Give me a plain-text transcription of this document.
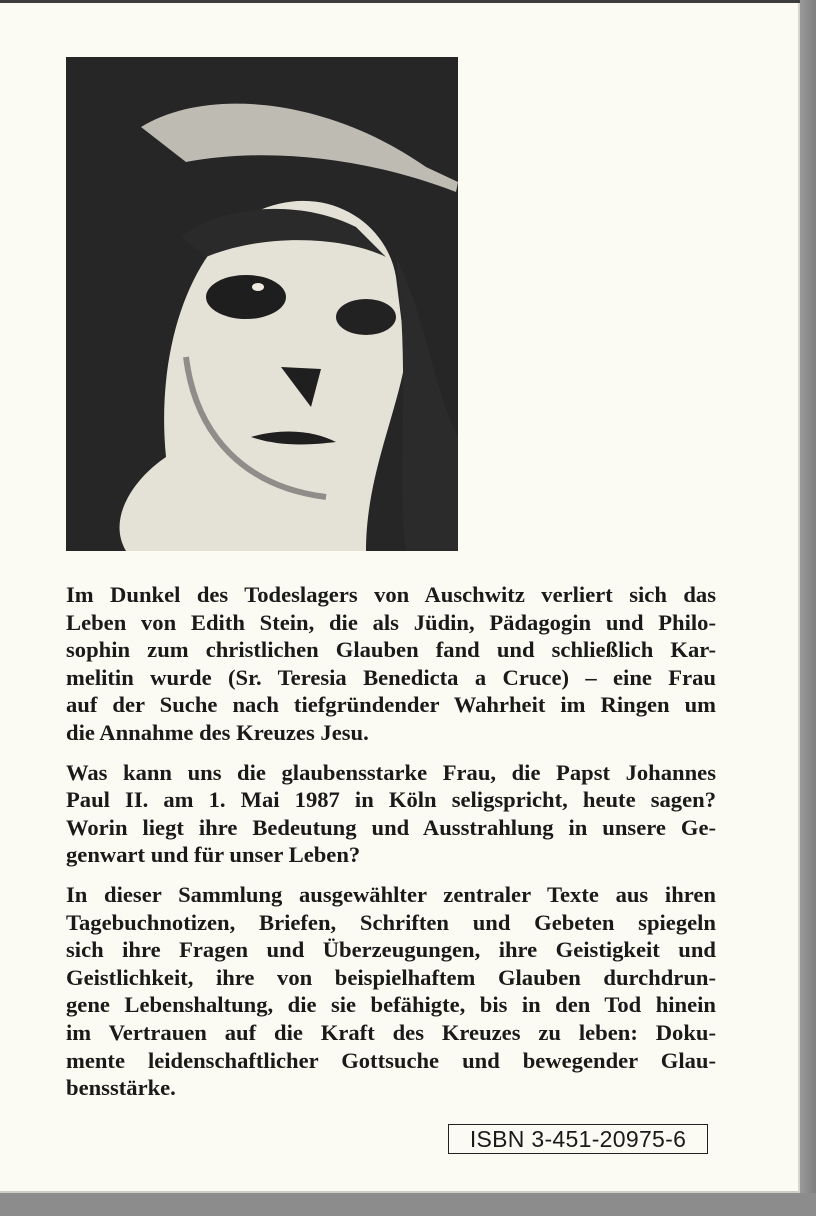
Im Dunkel des Todeslagers von Auschwitz verliert sich das
Leben von Edith Stein, die als Jüdin, Pädagogin und Philo-
sophin zum christlichen Glauben fand und schließlich Kar-
melitin wurde (Sr. Teresia Benedicta a Cruce) – eine Frau
auf der Suche nach tiefgründender Wahrheit im Ringen um
die Annahme des Kreuzes Jesu.

Was kann uns die glaubensstarke Frau, die Papst Johannes
Paul II. am 1. Mai 1987 in Köln seligspricht, heute sagen?
Worin liegt ihre Bedeutung und Ausstrahlung in unsere Ge-
genwart und für unser Leben?

In dieser Sammlung ausgewählter zentraler Texte aus ihren
Tagebuchnotizen, Briefen, Schriften und Gebeten spiegeln
sich ihre Fragen und Überzeugungen, ihre Geistigkeit und
Geistlichkeit, ihre von beispielhaftem Glauben durchdrun-
gene Lebenshaltung, die sie befähigte, bis in den Tod hinein
im Vertrauen auf die Kraft des Kreuzes zu leben: Doku-
mente leidenschaftlicher Gottsuche und bewegender Glau-
bensstärke.

ISBN 3-451-20975-6
